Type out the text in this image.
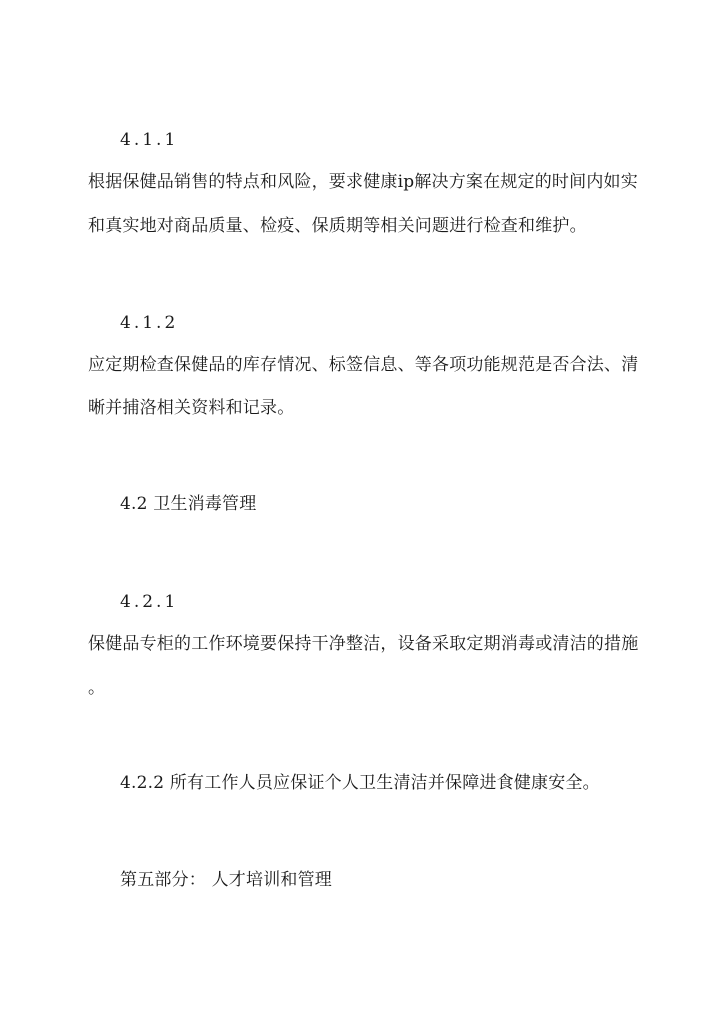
4.1.1
根据保健品销售的特点和风险，要求健康ip解决方案在规定的时间内如实
和真实地对商品质量、检疫、保质期等相关问题进行检查和维护。
4.1.2
应定期检查保健品的库存情况、标签信息、等各项功能规范是否合法、清
晰并捕洛相关资料和记录。
4.2 卫生消毒管理
4.2.1
保健品专柜的工作环境要保持干净整洁，设备采取定期消毒或清洁的措施
。
4.2.2 所有工作人员应保证个人卫生清洁并保障进食健康安全。
第五部分： 人才培训和管理
